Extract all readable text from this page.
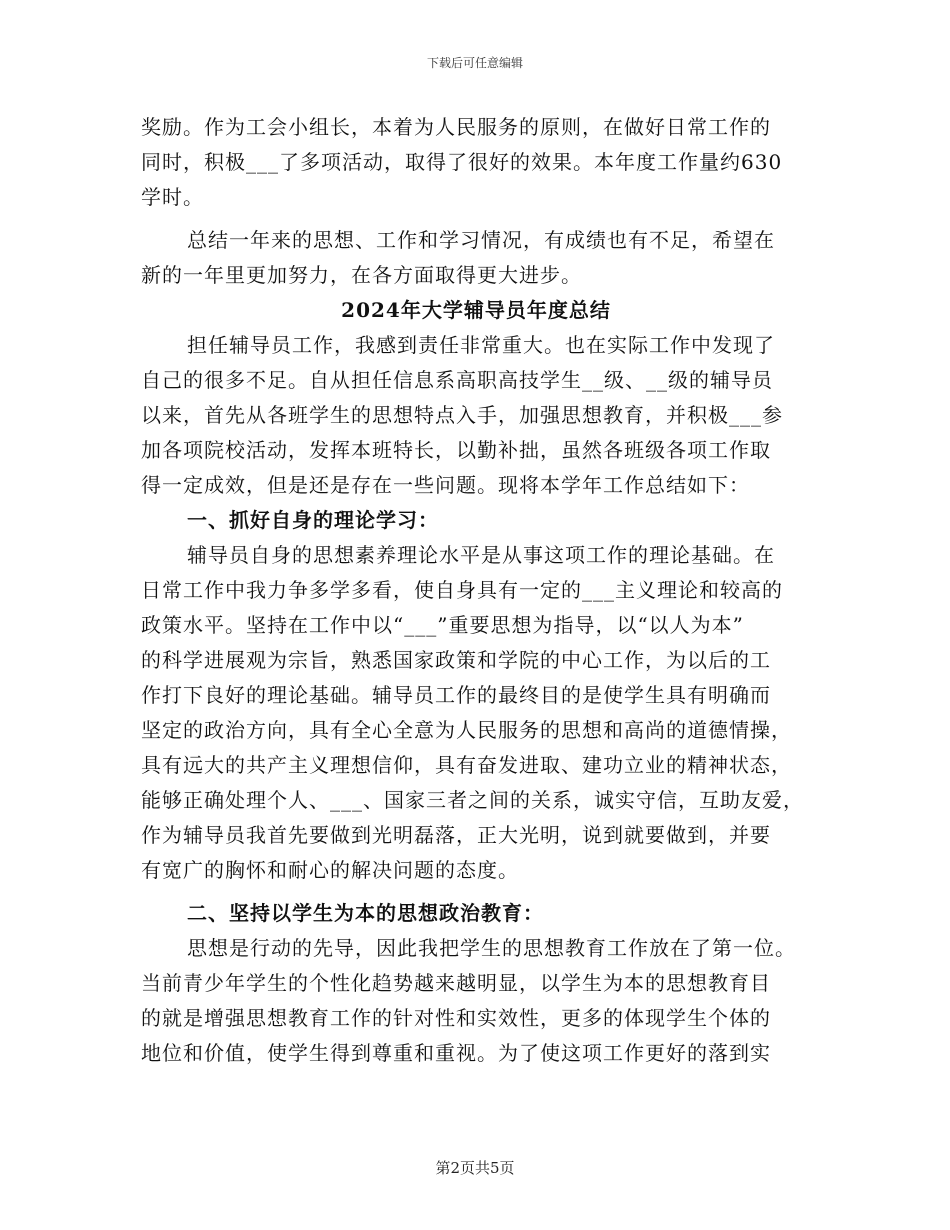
下载后可任意编辑

奖励。作为工会小组长，本着为人民服务的原则，在做好日常工作的
同时，积极___了多项活动，取得了很好的效果。本年度工作量约630
学时。

总结一年来的思想、工作和学习情况，有成绩也有不足，希望在
新的一年里更加努力，在各方面取得更大进步。

2024年大学辅导员年度总结

担任辅导员工作，我感到责任非常重大。也在实际工作中发现了
自己的很多不足。自从担任信息系高职高技学生__级、__级的辅导员
以来，首先从各班学生的思想特点入手，加强思想教育，并积极___参
加各项院校活动，发挥本班特长，以勤补拙，虽然各班级各项工作取
得一定成效，但是还是存在一些问题。现将本学年工作总结如下：

一、抓好自身的理论学习：

辅导员自身的思想素养理论水平是从事这项工作的理论基础。在
日常工作中我力争多学多看，使自身具有一定的___主义理论和较高的
政策水平。坚持在工作中以“___”重要思想为指导，以“以人为本”
的科学进展观为宗旨，熟悉国家政策和学院的中心工作，为以后的工
作打下良好的理论基础。辅导员工作的最终目的是使学生具有明确而
坚定的政治方向，具有全心全意为人民服务的思想和高尚的道德情操，
具有远大的共产主义理想信仰，具有奋发进取、建功立业的精神状态，
能够正确处理个人、___、国家三者之间的关系，诚实守信，互助友爱，
作为辅导员我首先要做到光明磊落，正大光明，说到就要做到，并要
有宽广的胸怀和耐心的解决问题的态度。

二、坚持以学生为本的思想政治教育：

思想是行动的先导，因此我把学生的思想教育工作放在了第一位。
当前青少年学生的个性化趋势越来越明显，以学生为本的思想教育目
的就是增强思想教育工作的针对性和实效性，更多的体现学生个体的
地位和价值，使学生得到尊重和重视。为了使这项工作更好的落到实

第2页共5页
